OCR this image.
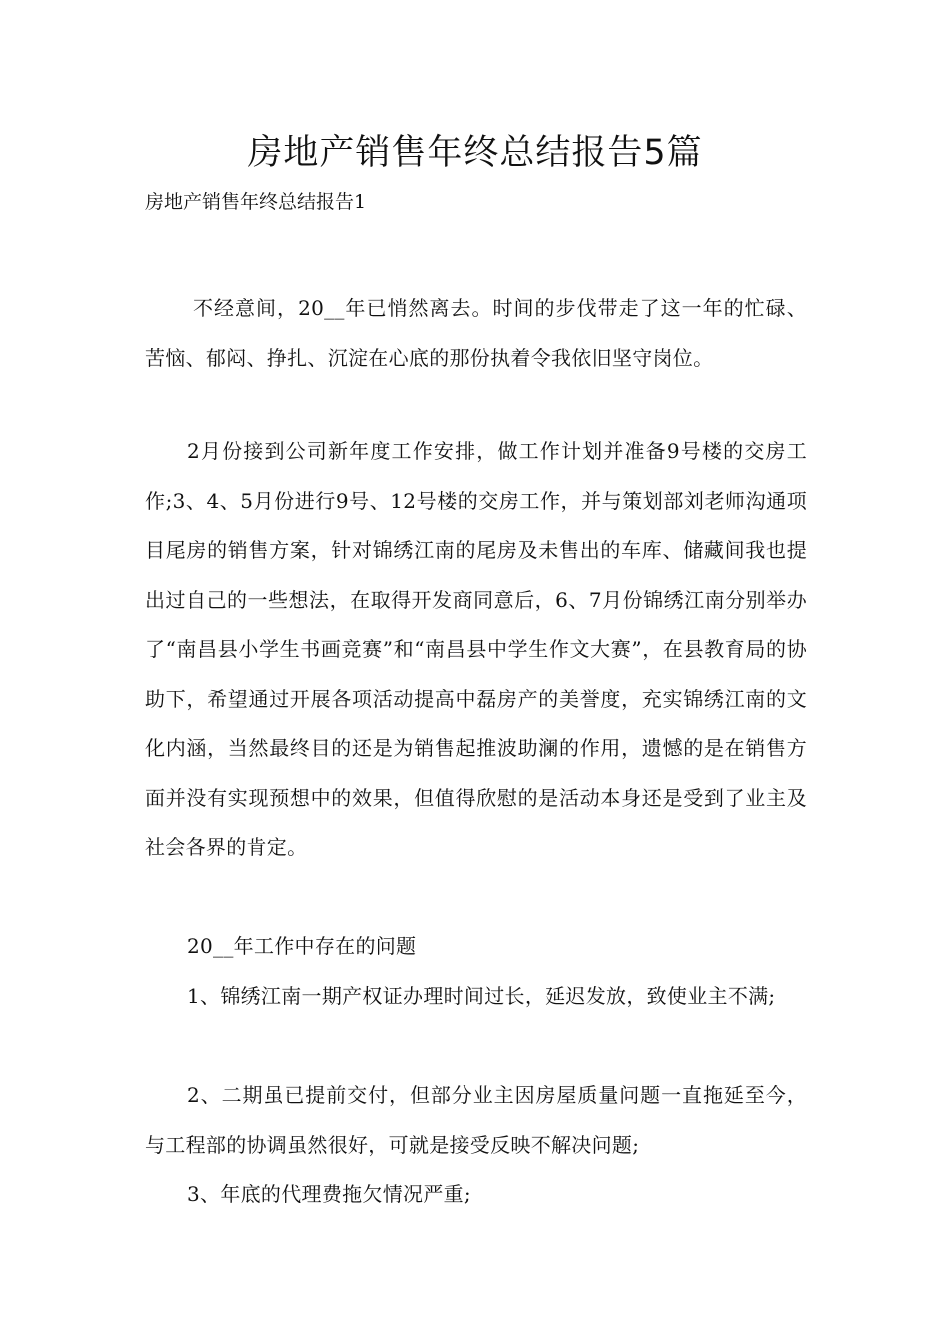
房地产销售年终总结报告5篇

房地产销售年终总结报告1

不经意间，20__年已悄然离去。时间的步伐带走了这一年的忙碌、苦恼、郁闷、挣扎、沉淀在心底的那份执着令我依旧坚守岗位。

2月份接到公司新年度工作安排，做工作计划并准备9号楼的交房工作;3、4、5月份进行9号、12号楼的交房工作，并与策划部刘老师沟通项目尾房的销售方案，针对锦绣江南的尾房及未售出的车库、储藏间我也提出过自己的一些想法，在取得开发商同意后，6、7月份锦绣江南分别举办了“南昌县小学生书画竞赛”和“南昌县中学生作文大赛”，在县教育局的协助下，希望通过开展各项活动提高中磊房产的美誉度，充实锦绣江南的文化内涵，当然最终目的还是为销售起推波助澜的作用，遗憾的是在销售方面并没有实现预想中的效果，但值得欣慰的是活动本身还是受到了业主及社会各界的肯定。

20__年工作中存在的问题

1、锦绣江南一期产权证办理时间过长，延迟发放，致使业主不满;

2、二期虽已提前交付，但部分业主因房屋质量问题一直拖延至今，与工程部的协调虽然很好，可就是接受反映不解决问题;

3、年底的代理费拖欠情况严重;
